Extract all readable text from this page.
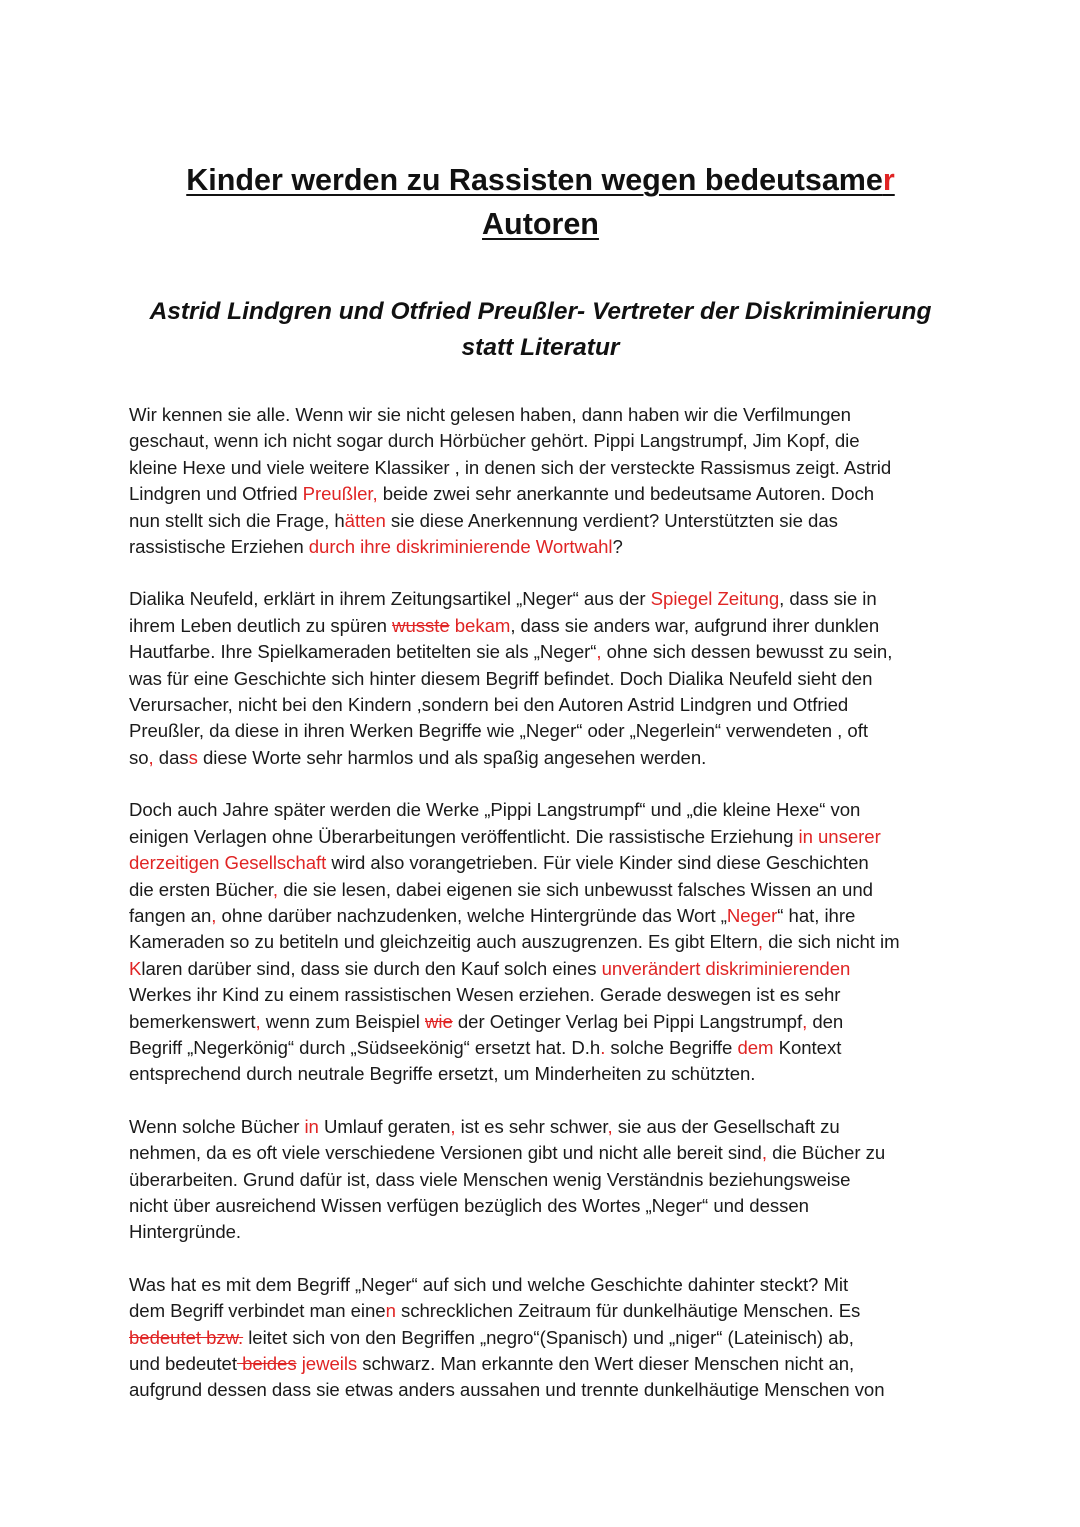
Kinder werden zu Rassisten wegen bedeutsamer
Autoren
Astrid Lindgren und Otfried Preußler- Vertreter der Diskriminierung
statt Literatur

Wir kennen sie alle. Wenn wir sie nicht gelesen haben, dann haben wir die Verfilmungen
geschaut, wenn ich nicht sogar durch Hörbücher gehört. Pippi Langstrumpf, Jim Kopf, die
kleine Hexe und viele weitere Klassiker , in denen sich der versteckte Rassismus zeigt. Astrid
Lindgren und Otfried Preußler, beide zwei sehr anerkannte und bedeutsame Autoren. Doch
nun stellt sich die Frage, hätten sie diese Anerkennung verdient? Unterstützten sie das
rassistische Erziehen durch ihre diskriminierende Wortwahl?

Dialika Neufeld, erklärt in ihrem Zeitungsartikel „Neger“ aus der Spiegel Zeitung, dass sie in
ihrem Leben deutlich zu spüren wusste bekam, dass sie anders war, aufgrund ihrer dunklen
Hautfarbe. Ihre Spielkameraden betitelten sie als „Neger“, ohne sich dessen bewusst zu sein,
was für eine Geschichte sich hinter diesem Begriff befindet. Doch Dialika Neufeld sieht den
Verursacher, nicht bei den Kindern ,sondern bei den Autoren Astrid Lindgren und Otfried
Preußler, da diese in ihren Werken Begriffe wie „Neger“ oder „Negerlein“ verwendeten , oft
so, dass diese Worte sehr harmlos und als spaßig angesehen werden.

Doch auch Jahre später werden die Werke „Pippi Langstrumpf“ und „die kleine Hexe“ von
einigen Verlagen ohne Überarbeitungen veröffentlicht. Die rassistische Erziehung in unserer
derzeitigen Gesellschaft wird also vorangetrieben. Für viele Kinder sind diese Geschichten
die ersten Bücher, die sie lesen, dabei eigenen sie sich unbewusst falsches Wissen an und
fangen an, ohne darüber nachzudenken, welche Hintergründe das Wort „Neger“ hat, ihre
Kameraden so zu betiteln und gleichzeitig auch auszugrenzen. Es gibt Eltern, die sich nicht im
Klaren darüber sind, dass sie durch den Kauf solch eines unverändert diskriminierenden
Werkes ihr Kind zu einem rassistischen Wesen erziehen. Gerade deswegen ist es sehr
bemerkenswert, wenn zum Beispiel wie der Oetinger Verlag bei Pippi Langstrumpf, den
Begriff „Negerkönig“ durch „Südseekönig“ ersetzt hat. D.h. solche Begriffe dem Kontext
entsprechend durch neutrale Begriffe ersetzt, um Minderheiten zu schützten.

Wenn solche Bücher in Umlauf geraten, ist es sehr schwer, sie aus der Gesellschaft zu
nehmen, da es oft viele verschiedene Versionen gibt und nicht alle bereit sind, die Bücher zu
überarbeiten. Grund dafür ist, dass viele Menschen wenig Verständnis beziehungsweise
nicht über ausreichend Wissen verfügen bezüglich des Wortes „Neger“ und dessen
Hintergründe.

Was hat es mit dem Begriff „Neger“ auf sich und welche Geschichte dahinter steckt? Mit
dem Begriff verbindet man einen schrecklichen Zeitraum für dunkelhäutige Menschen. Es
bedeutet bzw. leitet sich von den Begriffen „negro“(Spanisch) und „niger“ (Lateinisch) ab,
und bedeutet beides jeweils schwarz. Man erkannte den Wert dieser Menschen nicht an,
aufgrund dessen dass sie etwas anders aussahen und trennte dunkelhäutige Menschen von
